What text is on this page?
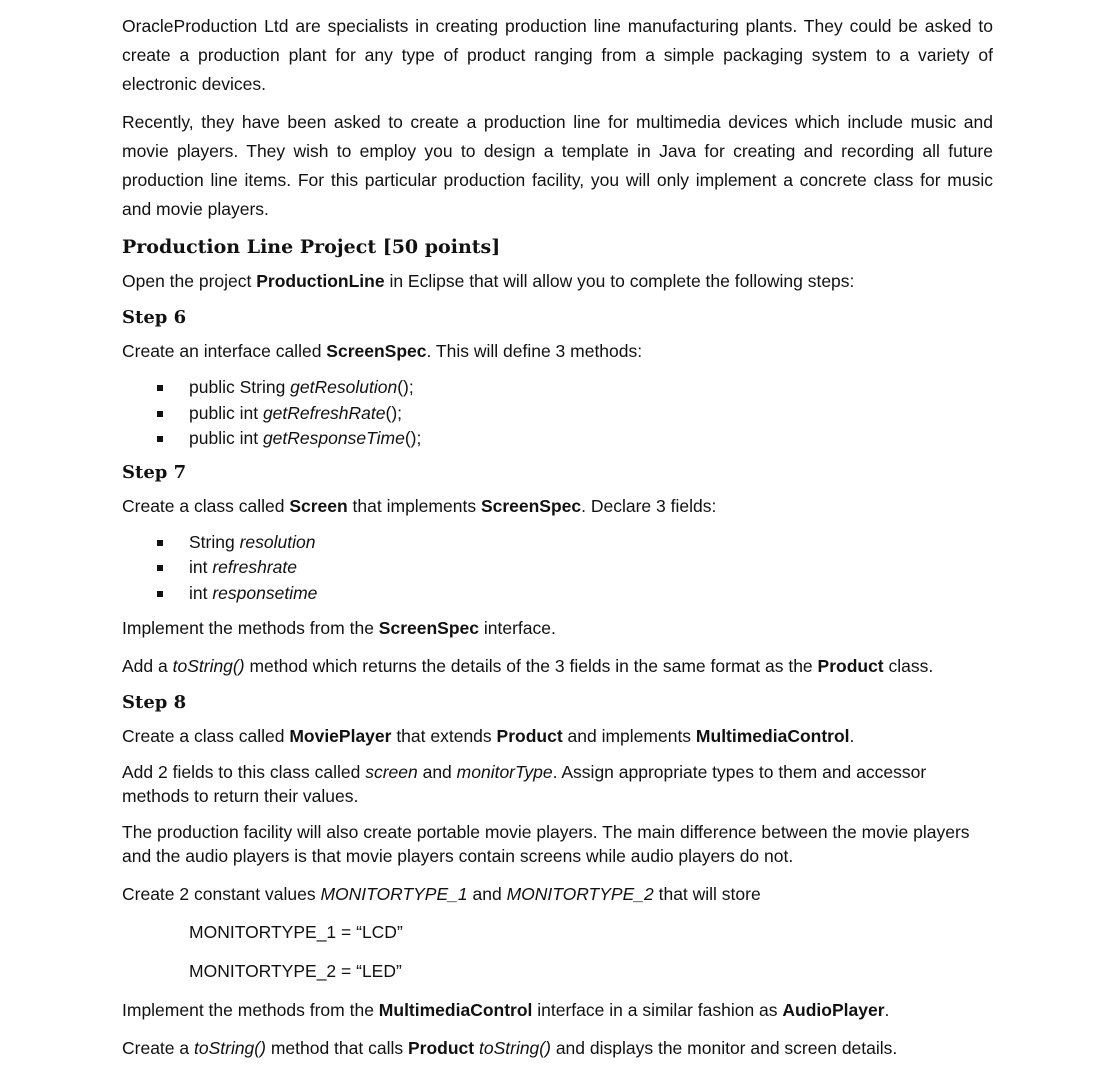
OracleProduction Ltd are specialists in creating production line manufacturing plants. They could be asked to create a production plant for any type of product ranging from a simple packaging system to a variety of electronic devices.

Recently, they have been asked to create a production line for multimedia devices which include music and movie players. They wish to employ you to design a template in Java for creating and recording all future production line items. For this particular production facility, you will only implement a concrete class for music and movie players.

Production Line Project [50 points]

Open the project ProductionLine in Eclipse that will allow you to complete the following steps:

Step 6

Create an interface called ScreenSpec. This will define 3 methods:

public String getResolution();
public int getRefreshRate();
public int getResponseTime();
Step 7

Create a class called Screen that implements ScreenSpec. Declare 3 fields:

String resolution
int refreshrate
int responsetime

Implement the methods from the ScreenSpec interface.

Add a toString() method which returns the details of the 3 fields in the same format as the Product class.

Step 8

Create a class called MoviePlayer that extends Product and implements MultimediaControl.

Add 2 fields to this class called screen and monitorType. Assign appropriate types to them and accessor methods to return their values.

The production facility will also create portable movie players. The main difference between the movie players and the audio players is that movie players contain screens while audio players do not.

Create 2 constant values MONITORTYPE_1 and MONITORTYPE_2 that will store

MONITORTYPE_1 = “LCD”

MONITORTYPE_2 = “LED”

Implement the methods from the MultimediaControl interface in a similar fashion as AudioPlayer.

Create a toString() method that calls Product toString() and displays the monitor and screen details.
